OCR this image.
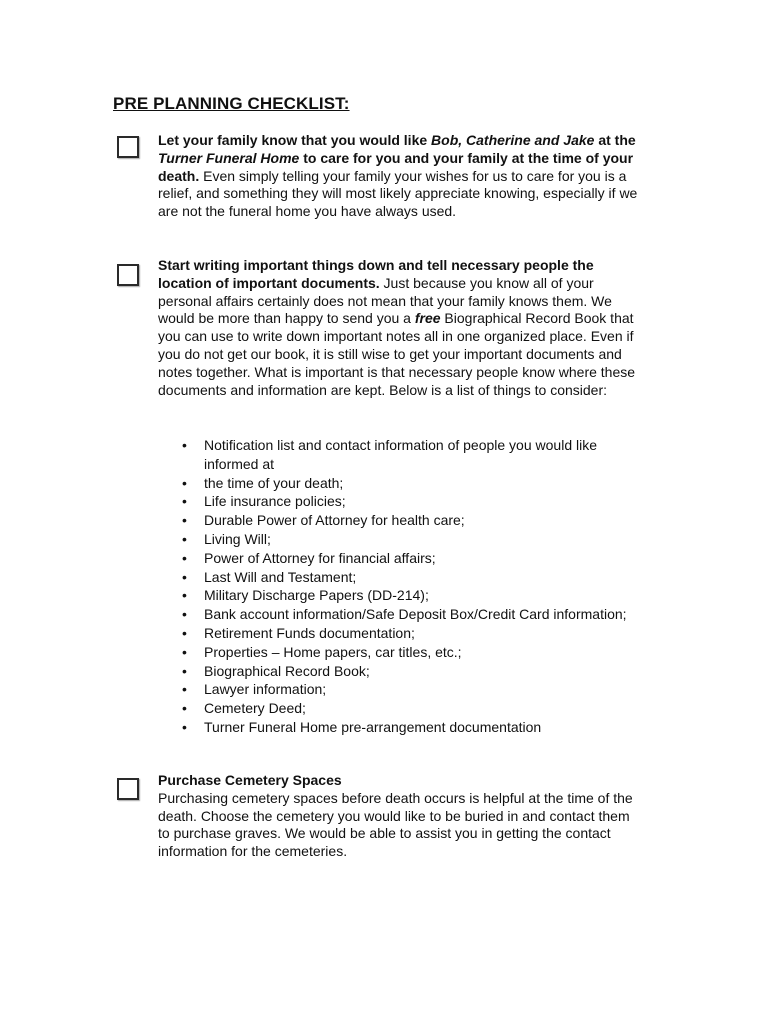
PRE PLANNING CHECKLIST:
Let your family know that you would like Bob, Catherine and Jake at the Turner Funeral Home to care for you and your family at the time of your death. Even simply telling your family your wishes for us to care for you is a relief, and something they will most likely appreciate knowing, especially if we are not the funeral home you have always used.
Start writing important things down and tell necessary people the location of important documents. Just because you know all of your personal affairs certainly does not mean that your family knows them. We would be more than happy to send you a free Biographical Record Book that you can use to write down important notes all in one organized place. Even if you do not get our book, it is still wise to get your important documents and notes together. What is important is that necessary people know where these documents and information are kept. Below is a list of things to consider:
• Notification list and contact information of people you would like informed at
• the time of your death;
• Life insurance policies;
• Durable Power of Attorney for health care;
• Living Will;
• Power of Attorney for financial affairs;
• Last Will and Testament;
• Military Discharge Papers (DD-214);
• Bank account information/Safe Deposit Box/Credit Card information;
• Retirement Funds documentation;
• Properties – Home papers, car titles, etc.;
• Biographical Record Book;
• Lawyer information;
• Cemetery Deed;
• Turner Funeral Home pre-arrangement documentation
Purchase Cemetery Spaces
Purchasing cemetery spaces before death occurs is helpful at the time of the death. Choose the cemetery you would like to be buried in and contact them to purchase graves. We would be able to assist you in getting the contact information for the cemeteries.
